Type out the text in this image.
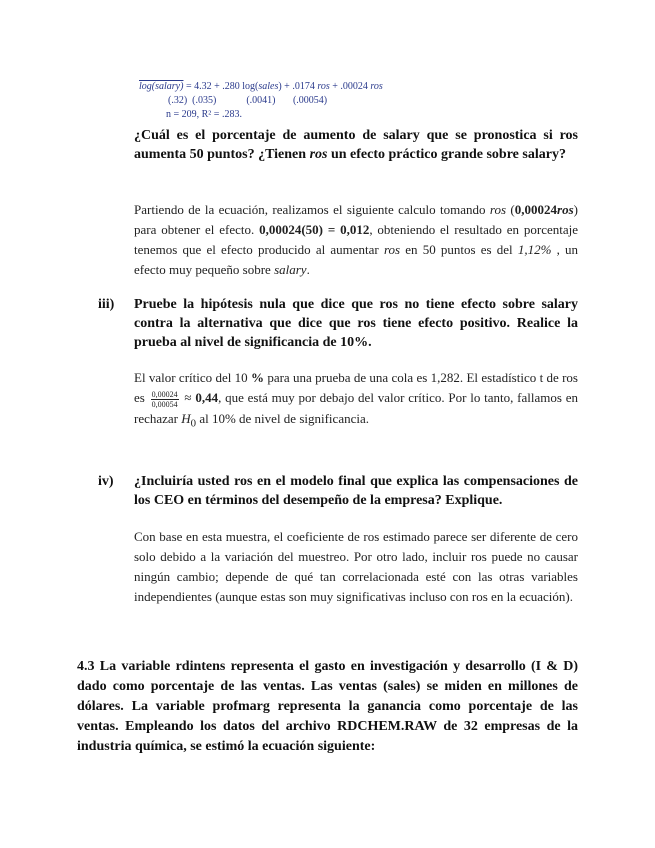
log(salary) = 4.32 + .280 log(sales) + .0174 ros + .00024 ros
(.32)  (.035)            (.0041)       (.00054)
n = 209, R² = .283.
¿Cuál es el porcentaje de aumento de salary que se pronostica si ros aumenta 50 puntos? ¿Tienen ros un efecto práctico grande sobre salary?
Partiendo de la ecuación, realizamos el siguiente calculo tomando ros (0,00024ros) para obtener el efecto. 0,00024(50) = 0,012, obteniendo el resultado en porcentaje tenemos que el efecto producido al aumentar ros en 50 puntos es del 1,12% , un efecto muy pequeño sobre salary.
iii) Pruebe la hipótesis nula que dice que ros no tiene efecto sobre salary contra la alternativa que dice que ros tiene efecto positivo. Realice la prueba al nivel de significancia de 10%.
El valor crítico del 10 % para una prueba de una cola es 1,282. El estadístico t de ros es $\frac{0,00024}{0,00054} \approx 0,44$, que está muy por debajo del valor crítico. Por lo tanto, fallamos en rechazar $H_0$ al 10% de nivel de significancia.
iv) ¿Incluiría usted ros en el modelo final que explica las compensaciones de los CEO en términos del desempeño de la empresa? Explique.
Con base en esta muestra, el coeficiente de ros estimado parece ser diferente de cero solo debido a la variación del muestreo. Por otro lado, incluir ros puede no causar ningún cambio; depende de qué tan correlacionada esté con las otras variables independientes (aunque estas son muy significativas incluso con ros en la ecuación).
4.3 La variable rdintens representa el gasto en investigación y desarrollo (I & D) dado como porcentaje de las ventas. Las ventas (sales) se miden en millones de dólares. La variable profmarg representa la ganancia como porcentaje de las ventas. Empleando los datos del archivo RDCHEM.RAW de 32 empresas de la industria química, se estimó la ecuación siguiente:
